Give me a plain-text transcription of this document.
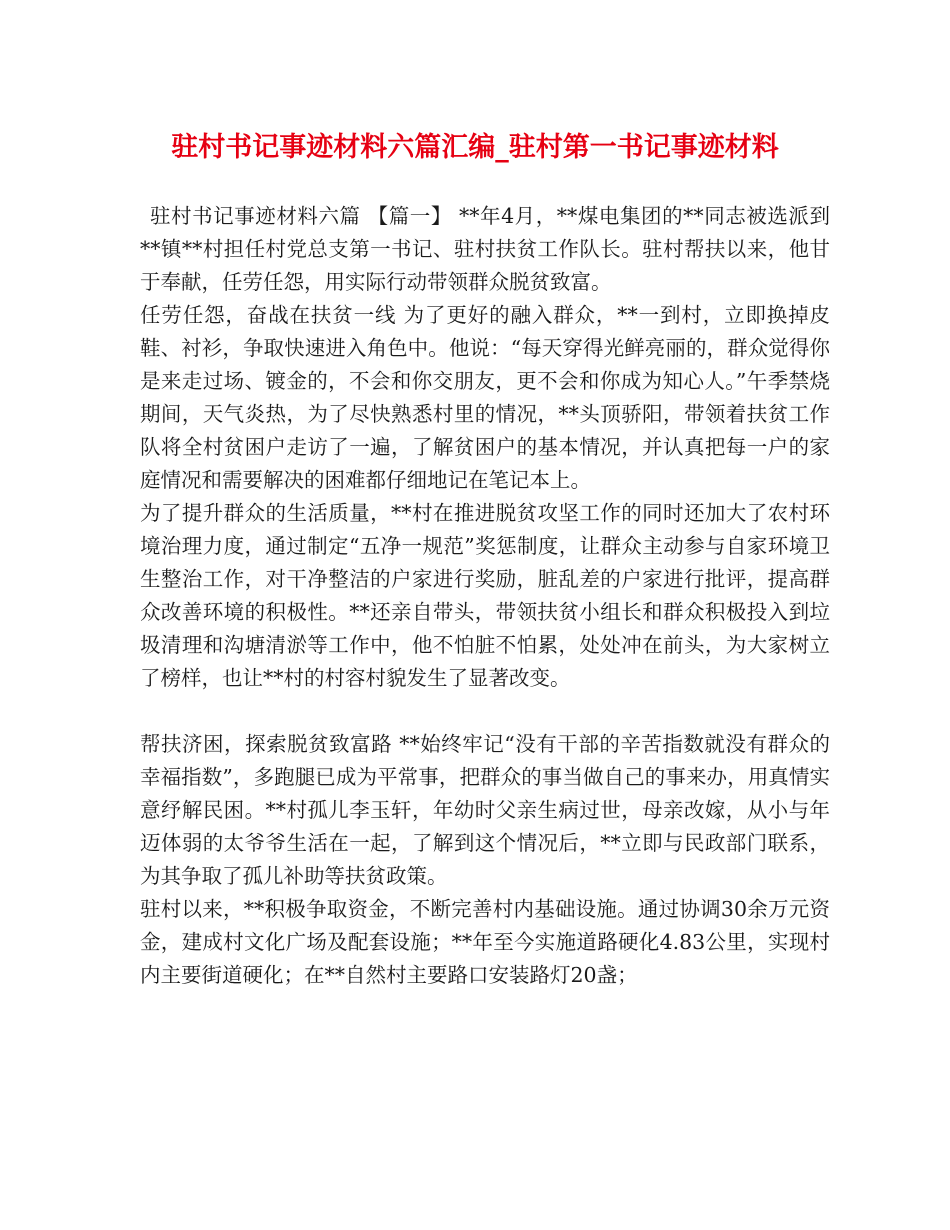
驻村书记事迹材料六篇汇编_驻村第一书记事迹材料

驻村书记事迹材料六篇 【篇一】 **年4月，**煤电集团的**同志被选派到**镇**村担任村党总支第一书记、驻村扶贫工作队长。驻村帮扶以来，他甘于奉献，任劳任怨，用实际行动带领群众脱贫致富。

任劳任怨，奋战在扶贫一线 为了更好的融入群众，**一到村，立即换掉皮鞋、衬衫，争取快速进入角色中。他说：“每天穿得光鲜亮丽的，群众觉得你是来走过场、镀金的，不会和你交朋友，更不会和你成为知心人。”午季禁烧期间，天气炎热，为了尽快熟悉村里的情况，**头顶骄阳，带领着扶贫工作队将全村贫困户走访了一遍，了解贫困户的基本情况，并认真把每一户的家庭情况和需要解决的困难都仔细地记在笔记本上。

为了提升群众的生活质量，**村在推进脱贫攻坚工作的同时还加大了农村环境治理力度，通过制定“五净一规范”奖惩制度，让群众主动参与自家环境卫生整治工作，对干净整洁的户家进行奖励，脏乱差的户家进行批评，提高群众改善环境的积极性。**还亲自带头，带领扶贫小组长和群众积极投入到垃圾清理和沟塘清淤等工作中，他不怕脏不怕累，处处冲在前头，为大家树立了榜样，也让**村的村容村貌发生了显著改变。

帮扶济困，探索脱贫致富路 **始终牢记“没有干部的辛苦指数就没有群众的幸福指数”，多跑腿已成为平常事，把群众的事当做自己的事来办，用真情实意纾解民困。**村孤儿李玉轩，年幼时父亲生病过世，母亲改嫁，从小与年迈体弱的太爷爷生活在一起，了解到这个情况后，**立即与民政部门联系，为其争取了孤儿补助等扶贫政策。

驻村以来，**积极争取资金，不断完善村内基础设施。通过协调30余万元资金，建成村文化广场及配套设施；**年至今实施道路硬化4.83公里，实现村内主要街道硬化；在**自然村主要路口安装路灯20盏；
